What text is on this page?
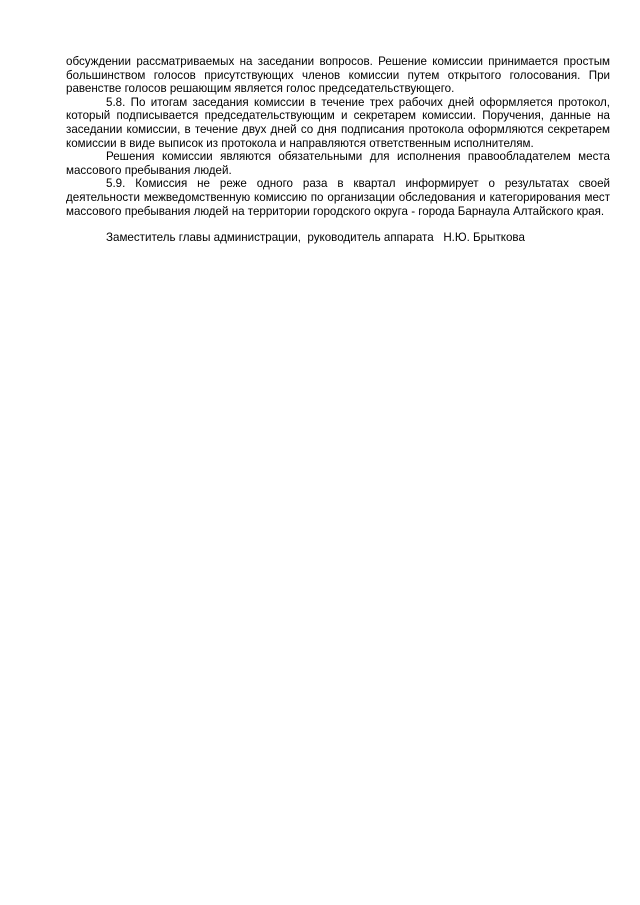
обсуждении рассматриваемых на заседании вопросов. Решение комиссии принимается простым большинством голосов присутствующих членов комиссии путем открытого голосования. При равенстве голосов решающим является голос председательствующего.

5.8. По итогам заседания комиссии в течение трех рабочих дней оформляется протокол, который подписывается председательствующим и секретарем комиссии. Поручения, данные на заседании комиссии, в течение двух дней со дня подписания протокола оформляются секретарем комиссии в виде выписок из протокола и направляются ответственным исполнителям.

Решения комиссии являются обязательными для исполнения правообладателем места массового пребывания людей.

5.9. Комиссия не реже одного раза в квартал информирует о результатах своей деятельности межведомственную комиссию по организации обследования и категорирования мест массового пребывания людей на территории городского округа - города Барнаула Алтайского края.

Заместитель главы администрации,  руководитель аппарата Н.Ю. Брыткова
